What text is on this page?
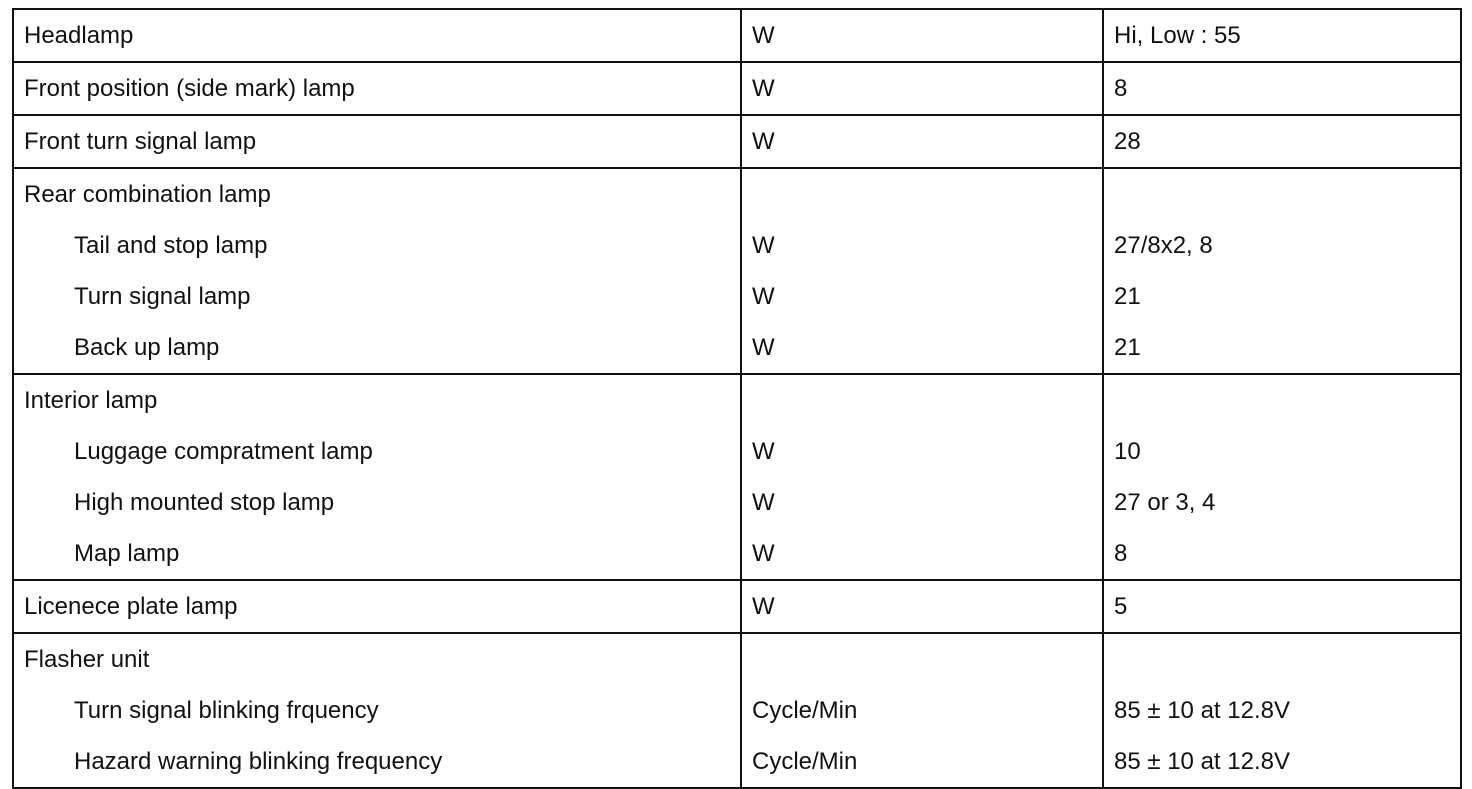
Headlamp	W	Hi, Low : 55
Front position (side mark) lamp	W	8
Front turn signal lamp	W	28
Rear combination lamp		
Tail and stop lamp	W	27/8x2, 8
Turn signal lamp	W	21
Back up lamp	W	21
Interior lamp		
Luggage compratment lamp	W	10
High mounted stop lamp	W	27 or 3, 4
Map lamp	W	8
Licenece plate lamp	W	5
Flasher unit		
Turn signal blinking frquency	Cycle/Min	85 ± 10 at 12.8V
Hazard warning blinking frequency	Cycle/Min	85 ± 10 at 12.8V
